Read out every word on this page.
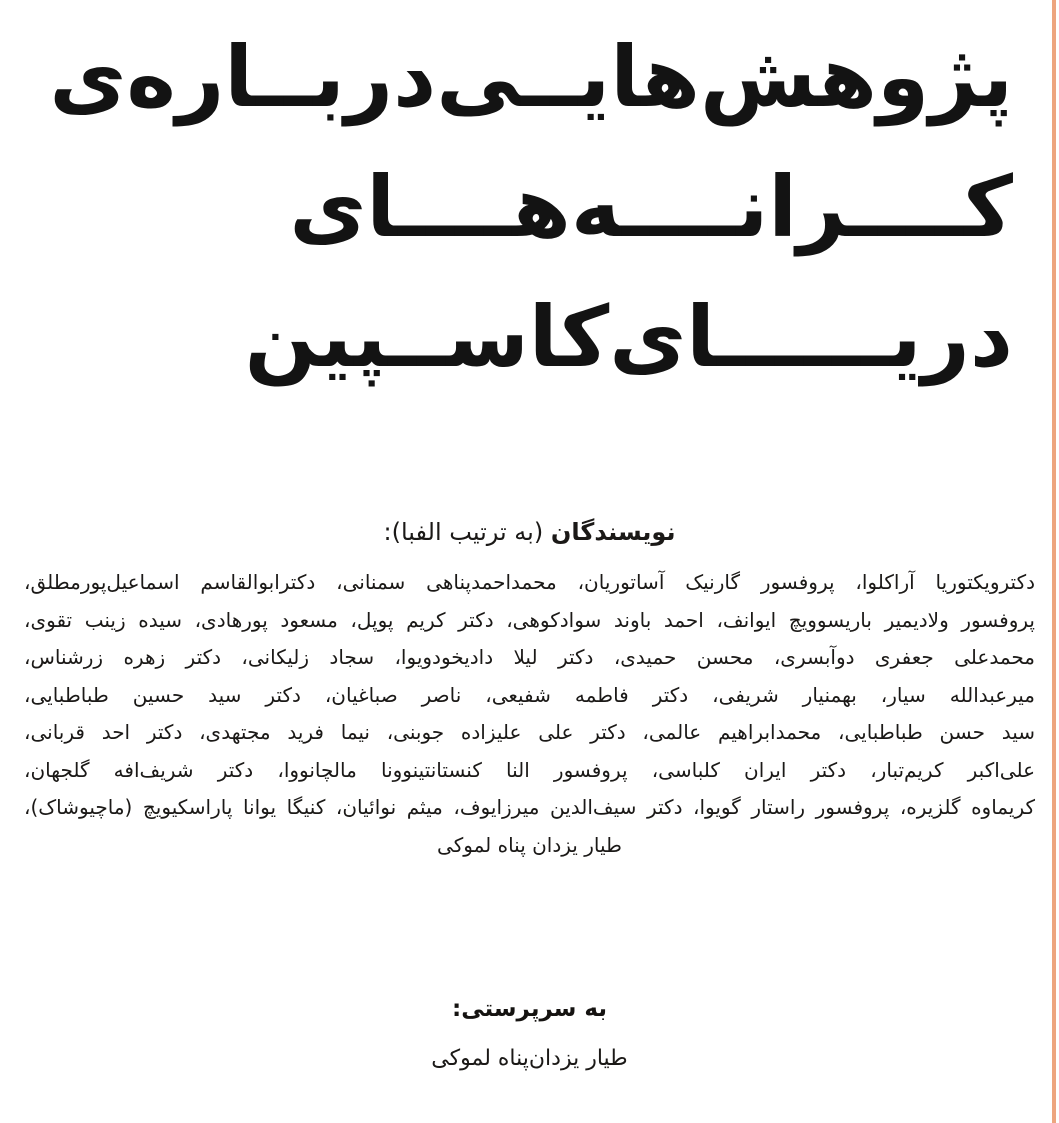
پژوهش‌هایــی‌دربــاره‌ی
کــــرانــــه‌هــــای
دریــــــای‌کاســپین

نویسندگان (به ترتیب الفبا):

دکترویکتوریا آراکلوا، پروفسور گارنیک آساتوریان، محمداحمدپناهی سمنانی، دکترابوالقاسم اسماعیل‌پورمطلق،

پروفسور ولادیمیر باریسوویچ ایوانف، احمد باوند سوادکوهی، دکتر کریم پوپل، مسعود پورهادی، سیده زینب تقوی،

محمدعلی جعفری دوآبسری، محسن حمیدی، دکتر لیلا دادیخودویوا، سجاد زلیکانی، دکتر زهره زرشناس،

میرعبدالله سیار، بهمنیار شریفی، دکتر فاطمه شفیعی، ناصر صباغیان، دکتر سید حسین طباطبایی،

سید حسن طباطبایی، محمدابراهیم عالمی، دکتر علی علیزاده جوبنی، نیما فرید مجتهدی، دکتر احد قربانی،

علی‌اکبر کریم‌تبار، دکتر ایران کلباسی، پروفسور النا کنستانتینوونا مالچانووا، دکتر شریف‌افه گلجهان،

کریماوه گلزیره، پروفسور راستار گویوا، دکتر سیف‌الدین میرزایوف، میثم نوائیان، کنیگا یوانا پاراسکیویچ (ماچیوشاک)،

طیار یزدان پناه لموکی

به سرپرستی:

طیار یزدان‌پناه لموکی
